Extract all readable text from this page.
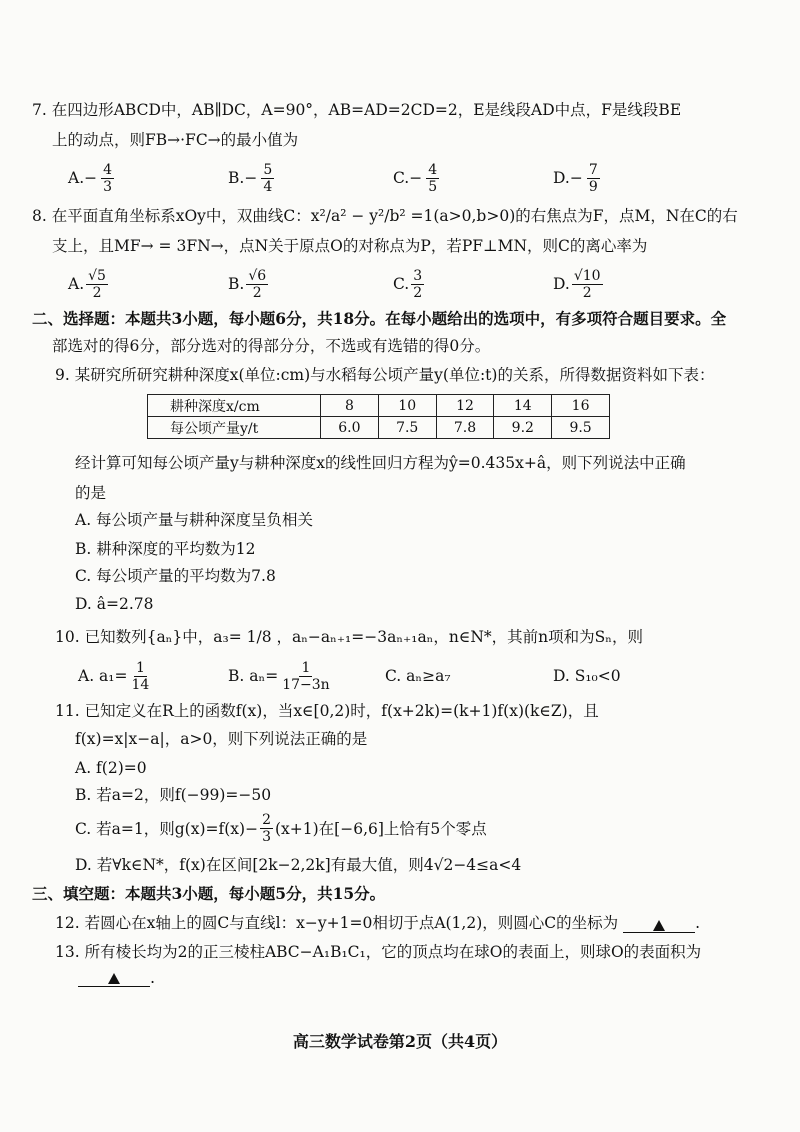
7. 在四边形ABCD中，AB∥DC，A=90°，AB=AD=2CD=2，E是线段AD中点，F是线段BE
上的动点，则FB→·FC→的最小值为
A. − $\frac{4}{3}$	B. − $\frac{5}{4}$	C. − $\frac{4}{5}$	D. − $\frac{7}{9}$
8. 在平面直角坐标系xOy中，双曲线C：x²/a² − y²/b² =1(a>0,b>0)的右焦点为F，点M，N在C的右
支上，且MF→ = 3FN→，点N关于原点O的对称点为P，若PF⊥MN，则C的离心率为
A. $\frac{√5}{2}$	B. $\frac{√6}{2}$	C. $\frac{3}{2}$	D. $\frac{√10}{2}$
二、选择题：本题共3小题，每小题6分，共18分。在每小题给出的选项中，有多项符合题目要求。全
部选对的得6分，部分选对的得部分分，不选或有选错的得0分。
9. 某研究所研究耕种深度x(单位:cm)与水稻每公顷产量y(单位:t)的关系，所得数据资料如下表：
耕种深度x/cm	8	10	12	14	16
每公顷产量y/t	6.0	7.5	7.8	9.2	9.5
经计算可知每公顷产量y与耕种深度x的线性回归方程为ŷ=0.435x+â，则下列说法中正确
的是
A. 每公顷产量与耕种深度呈负相关
B. 耕种深度的平均数为12
C. 每公顷产量的平均数为7.8
D. â=2.78
10. 已知数列{aₙ}中，a₃= 1/8 ，aₙ−aₙ₊₁=−3aₙ₊₁aₙ，n∈N*，其前n项和为Sₙ，则
A. $a_1= \frac{1}{14}$	B. $a_n= \frac{1}{17-3n}$	C. aₙ≥a₇	D. S₁₀<0
11. 已知定义在R上的函数f(x)，当x∈[0,2)时，f(x+2k)=(k+1)f(x)(k∈Z)，且
f(x)=x|x−a|，a>0，则下列说法正确的是
A. f(2)=0
B. 若a=2，则f(−99)=−50
C. 若a=1，则$g(x)=f(x)- \frac{2}{3} (x+1)$在[−6,6]上恰有5个零点
D. 若∀k∈N*，f(x)在区间[2k−2,2k]有最大值，则4√2−4≤a<4
三、填空题：本题共3小题，每小题5分，共15分。
12. 若圆心在x轴上的圆C与直线l：x−y+1=0相切于点A(1,2)，则圆心C的坐标为	.
13. 所有棱长均为2的正三棱柱ABC−A₁B₁C₁，它的顶点均在球O的表面上，则球O的表面积为
.
高三数学试卷第2页（共4页）
